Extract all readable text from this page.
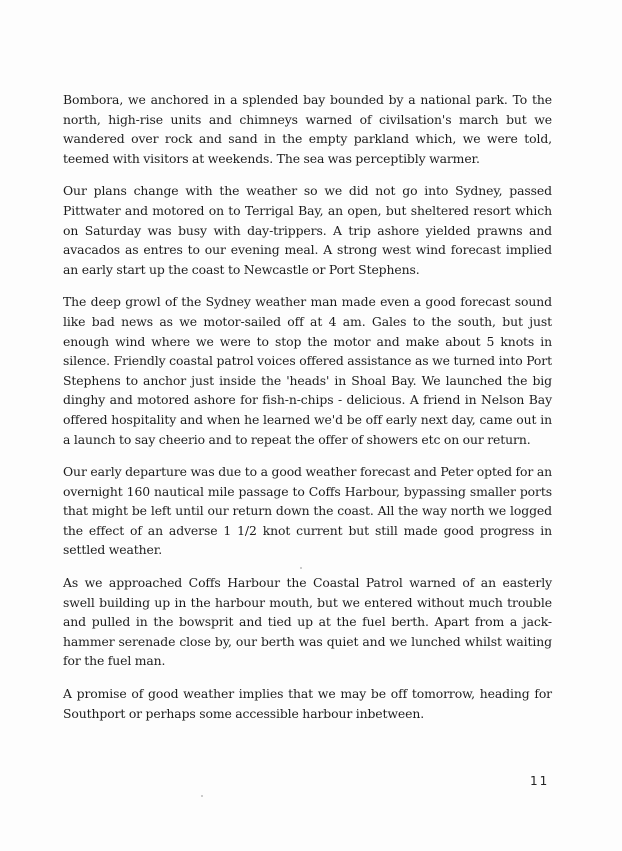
Bombora, we anchored in a splended bay bounded by a national park. To the north, high-rise units and chimneys warned of civilsation's march but we wandered over rock and sand in the empty parkland which, we were told, teemed with visitors at weekends. The sea was perceptibly warmer.

Our plans change with the weather so we did not go into Sydney, passed Pittwater and motored on to Terrigal Bay, an open, but sheltered resort which on Saturday was busy with day-trippers. A trip ashore yielded prawns and avacados as entres to our evening meal. A strong west wind forecast implied an early start up the coast to Newcastle or Port Stephens.

The deep growl of the Sydney weather man made even a good forecast sound like bad news as we motor-sailed off at 4 am. Gales to the south, but just enough wind where we were to stop the motor and make about 5 knots in silence. Friendly coastal patrol voices offered assistance as we turned into Port Stephens to anchor just inside the 'heads' in Shoal Bay. We launched the big dinghy and motored ashore for fish-n-chips - delicious. A friend in Nelson Bay offered hospitality and when he learned we'd be off early next day, came out in a launch to say cheerio and to repeat the offer of showers etc on our return.

Our early departure was due to a good weather forecast and Peter opted for an overnight 160 nautical mile passage to Coffs Harbour, bypassing smaller ports that might be left until our return down the coast. All the way north we logged the effect of an adverse 1 1/2 knot current but still made good progress in settled weather.

As we approached Coffs Harbour the Coastal Patrol warned of an easterly swell building up in the harbour mouth, but we entered without much trouble and pulled in the bowsprit and tied up at the fuel berth. Apart from a jack-hammer serenade close by, our berth was quiet and we lunched whilst waiting for the fuel man.

A promise of good weather implies that we may be off tomorrow, heading for Southport or perhaps some accessible harbour inbetween.

11
